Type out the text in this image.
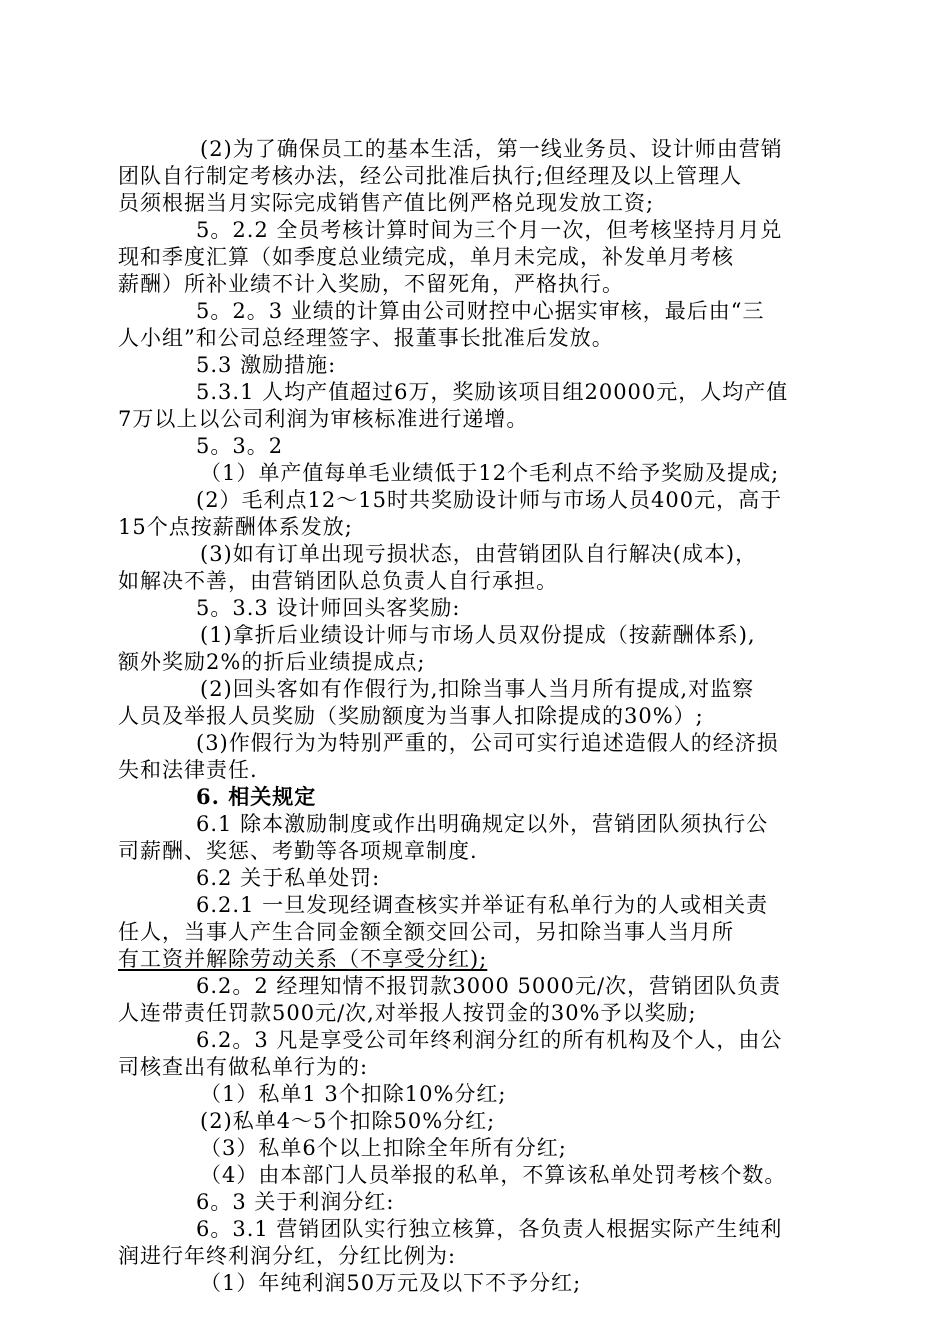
(2)为了确保员工的基本生活，第一线业务员、设计师由营销
团队自行制定考核办法，经公司批准后执行;但经理及以上管理人
员须根据当月实际完成销售产值比例严格兑现发放工资;
5。2.2 全员考核计算时间为三个月一次，但考核坚持月月兑
现和季度汇算（如季度总业绩完成，单月未完成，补发单月考核
薪酬）所补业绩不计入奖励，不留死角，严格执行。
5。2。3 业绩的计算由公司财控中心据实审核，最后由“三
人小组”和公司总经理签字、报董事长批准后发放。
5.3 激励措施:
5.3.1 人均产值超过6万，奖励该项目组20000元，人均产值
7万以上以公司利润为审核标准进行递增。
5。3。2
（1）单产值每单毛业绩低于12个毛利点不给予奖励及提成;
(2）毛利点12～15时共奖励设计师与市场人员400元，高于
15个点按薪酬体系发放;
(3)如有订单出现亏损状态，由营销团队自行解决(成本)，
如解决不善，由营销团队总负责人自行承担。
5。3.3 设计师回头客奖励:
(1)拿折后业绩设计师与市场人员双份提成（按薪酬体系),
额外奖励2%的折后业绩提成点;
(2)回头客如有作假行为,扣除当事人当月所有提成,对监察
人员及举报人员奖励（奖励额度为当事人扣除提成的30%）;
(3)作假行为为特别严重的，公司可实行追述造假人的经济损
失和法律责任.
6. 相关规定
6.1 除本激励制度或作出明确规定以外，营销团队须执行公
司薪酬、奖惩、考勤等各项规章制度.
6.2 关于私单处罚:
6.2.1 一旦发现经调查核实并举证有私单行为的人或相关责
任人，当事人产生合同金额全额交回公司，另扣除当事人当月所
有工资并解除劳动关系（不享受分红);
6.2。2 经理知情不报罚款3000 5000元/次，营销团队负责
人连带责任罚款500元/次,对举报人按罚金的30%予以奖励;
6.2。3 凡是享受公司年终利润分红的所有机构及个人，由公
司核查出有做私单行为的:
（1）私单1 3个扣除10%分红;
(2)私单4～5个扣除50%分红;
（3）私单6个以上扣除全年所有分红;
（4）由本部门人员举报的私单，不算该私单处罚考核个数。
6。3 关于利润分红:
6。3.1 营销团队实行独立核算，各负责人根据实际产生纯利
润进行年终利润分红，分红比例为:
（1）年纯利润50万元及以下不予分红;
